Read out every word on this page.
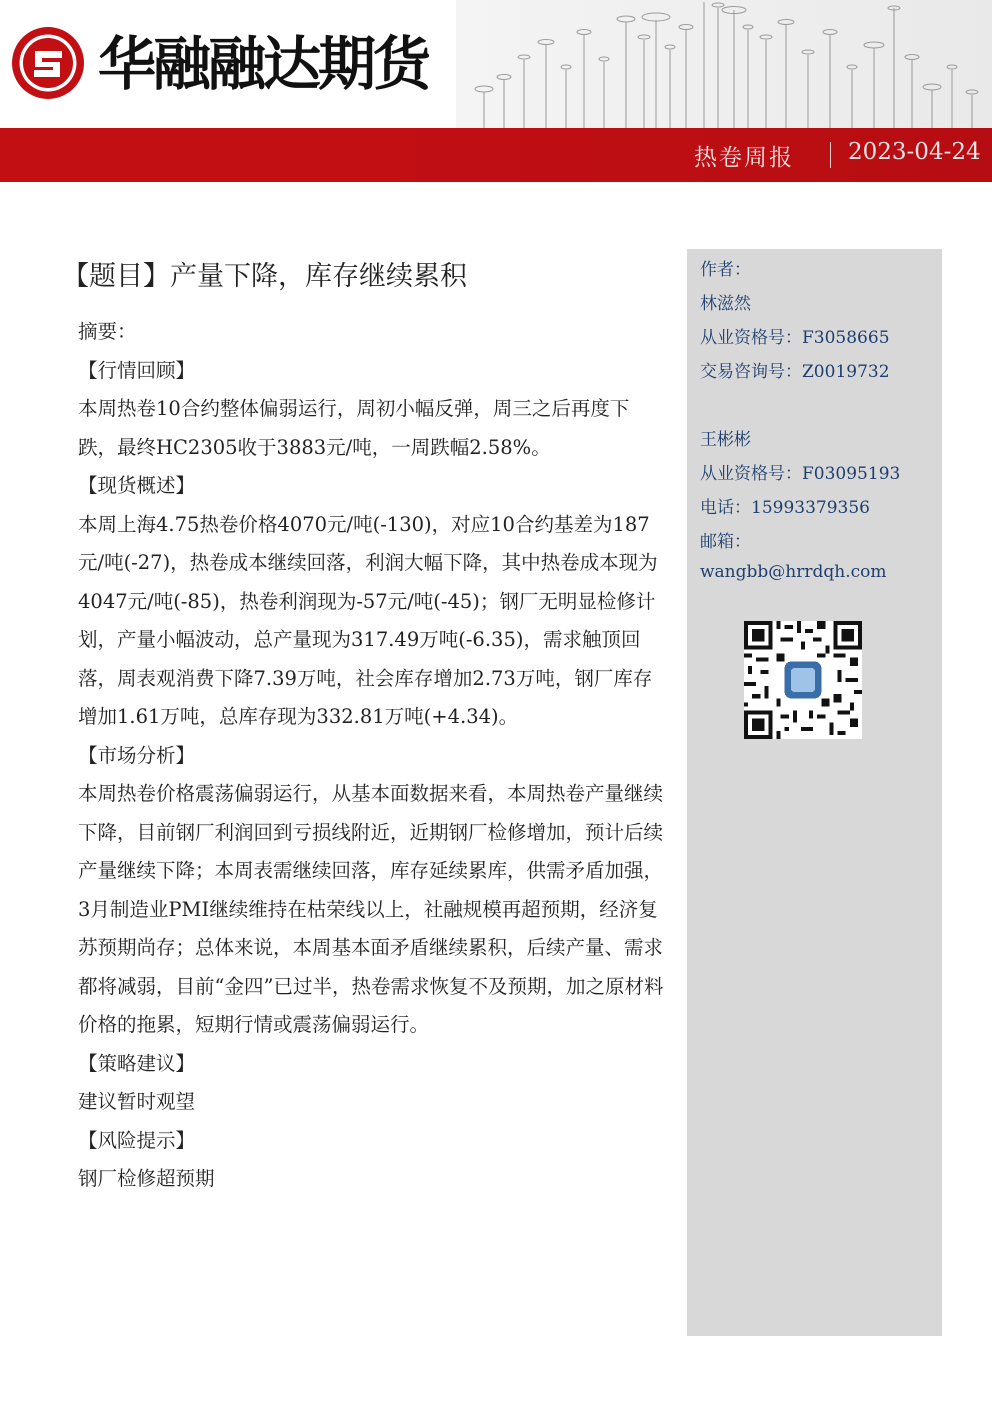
华融融达期货
热卷周报 2023-04-24
【题目】产量下降，库存继续累积

摘要：

【行情回顾】

本周热卷10合约整体偏弱运行，周初小幅反弹，周三之后再度下跌，最终HC2305收于3883元/吨，一周跌幅2.58%。

【现货概述】

本周上海4.75热卷价格4070元/吨(-130)，对应10合约基差为187元/吨(-27)，热卷成本继续回落，利润大幅下降，其中热卷成本现为4047元/吨(-85)，热卷利润现为-57元/吨(-45)；钢厂无明显检修计划，产量小幅波动，总产量现为317.49万吨(-6.35)，需求触顶回落，周表观消费下降7.39万吨，社会库存增加2.73万吨，钢厂库存增加1.61万吨，总库存现为332.81万吨(+4.34)。

【市场分析】

本周热卷价格震荡偏弱运行，从基本面数据来看，本周热卷产量继续下降，目前钢厂利润回到亏损线附近，近期钢厂检修增加，预计后续产量继续下降；本周表需继续回落，库存延续累库，供需矛盾加强，3月制造业PMI继续维持在枯荣线以上，社融规模再超预期，经济复苏预期尚存；总体来说，本周基本面矛盾继续累积，后续产量、需求都将减弱，目前“金四”已过半，热卷需求恢复不及预期，加之原材料价格的拖累，短期行情或震荡偏弱运行。

【策略建议】

建议暂时观望

【风险提示】

钢厂检修超预期

作者：
林滋然
从业资格号：F3058665
交易咨询号：Z0019732
王彬彬
从业资格号：F03095193
电话：15993379356
邮箱：
wangbb@hrrdqh.com
